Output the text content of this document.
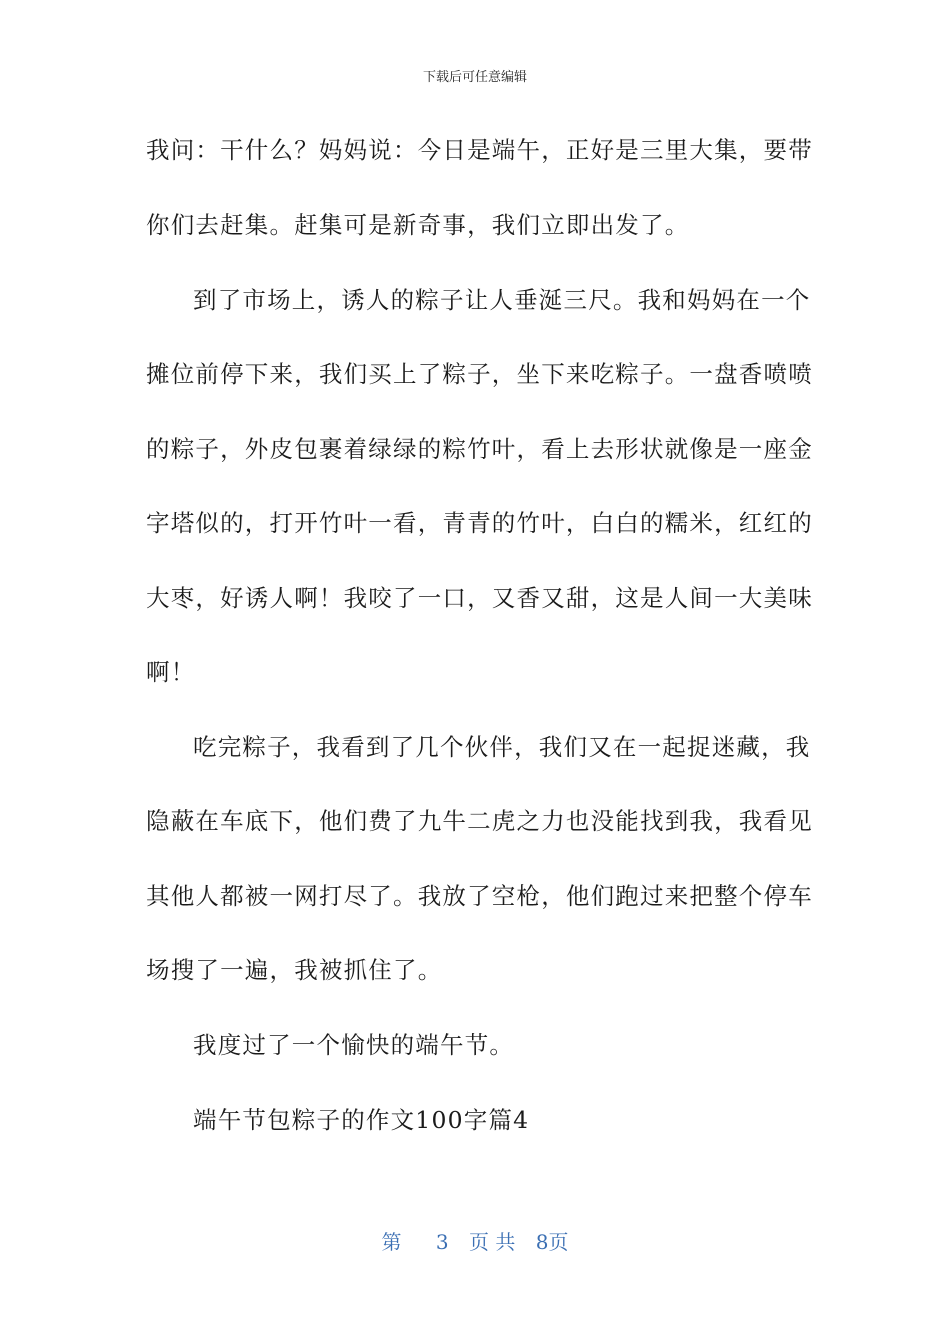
下载后可任意编辑
我问：干什么？妈妈说：今日是端午，正好是三里大集，要带
你们去赶集。赶集可是新奇事，我们立即出发了。
到了市场上，诱人的粽子让人垂涎三尺。我和妈妈在一个
摊位前停下来，我们买上了粽子，坐下来吃粽子。一盘香喷喷
的粽子，外皮包裹着绿绿的粽竹叶，看上去形状就像是一座金
字塔似的，打开竹叶一看，青青的竹叶，白白的糯米，红红的
大枣，好诱人啊！我咬了一口，又香又甜，这是人间一大美味
啊！
吃完粽子，我看到了几个伙伴，我们又在一起捉迷藏，我
隐蔽在车底下，他们费了九牛二虎之力也没能找到我，我看见
其他人都被一网打尽了。我放了空枪，他们跑过来把整个停车
场搜了一遍，我被抓住了。
我度过了一个愉快的端午节。
端午节包粽子的作文100字篇4
第 3 页 共 8页
